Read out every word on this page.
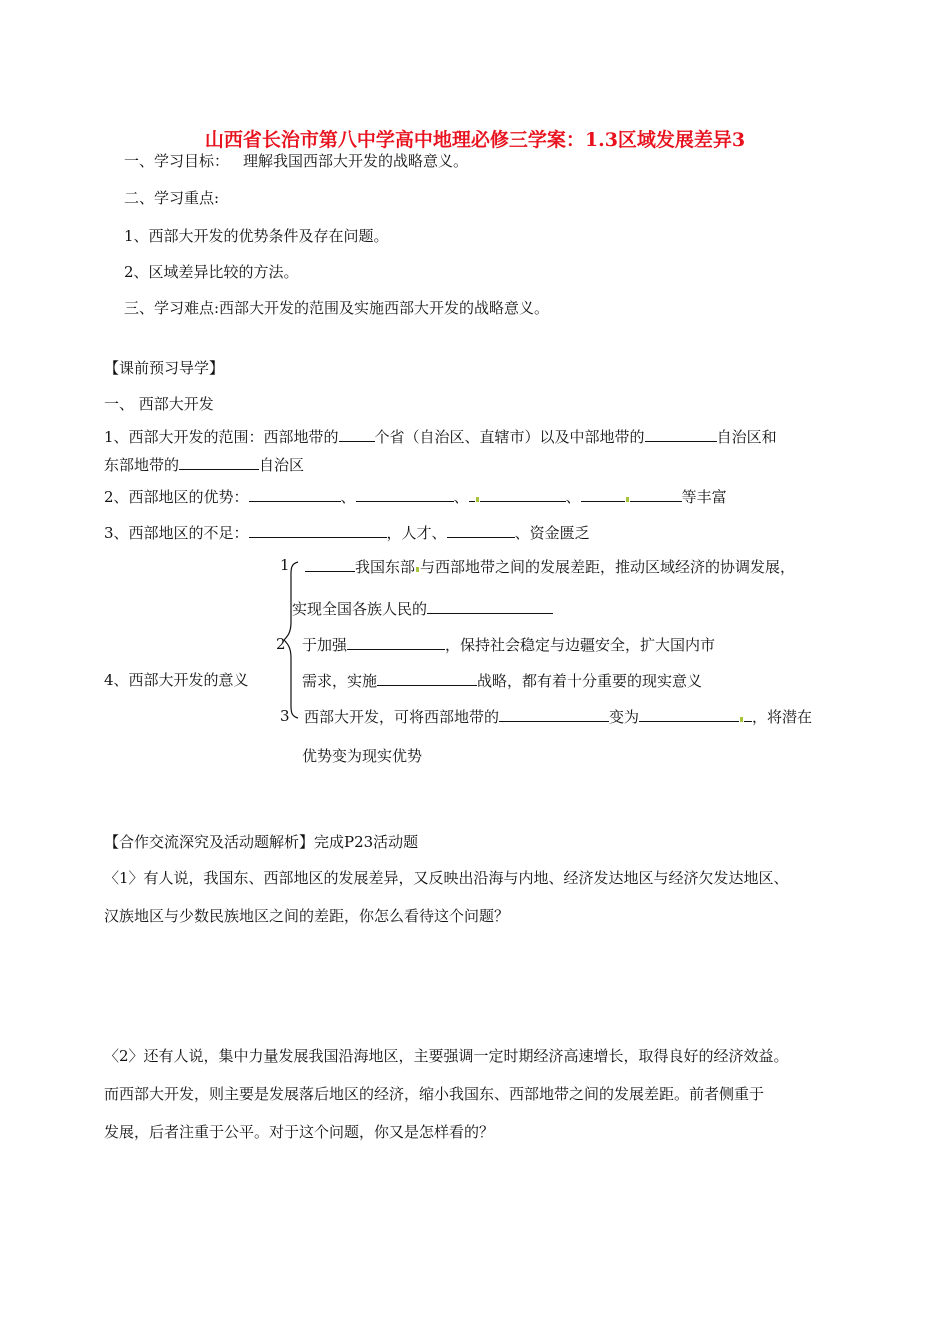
山西省长治市第八中学高中地理必修三学案：1.3区域发展差异3
一、学习目标： 理解我国西部大开发的战略意义。
二、学习重点:
1、西部大开发的优势条件及存在问题。
2、区域差异比较的方法。
三、学习难点:西部大开发的范围及实施西部大开发的战略意义。
【课前预习导学】
一、 西部大开发
1、西部大开发的范围：西部地带的 个省（自治区、直辖市）以及中部地带的	自治区和
东部地带的	自治区
2、西部地区的优势：	、	、	、	等丰富
3、西部地区的不足：	，人才、	、资金匮乏
1	我国东部 与西部地带之间的发展差距，推动区域经济的协调发展，
实现全国各族人民的
2 于加强	，保持社会稳定与边疆安全，扩大国内市
4、西部大开发的意义	需求，实施	战略，都有着十分重要的现实意义
3 西部大开发，可将西部地带的	变为	，将潜在
优势变为现实优势
【合作交流深究及活动题解析】完成P23活动题
〈1〉有人说，我国东、西部地区的发展差异，又反映出沿海与内地、经济发达地区与经济欠发达地区、
汉族地区与少数民族地区之间的差距，你怎么看待这个问题？
〈2〉还有人说，集中力量发展我国沿海地区，主要强调一定时期经济高速增长，取得良好的经济效益。
而西部大开发，则主要是发展落后地区的经济，缩小我国东、西部地带之间的发展差距。前者侧重于
发展，后者注重于公平。对于这个问题，你又是怎样看的？
